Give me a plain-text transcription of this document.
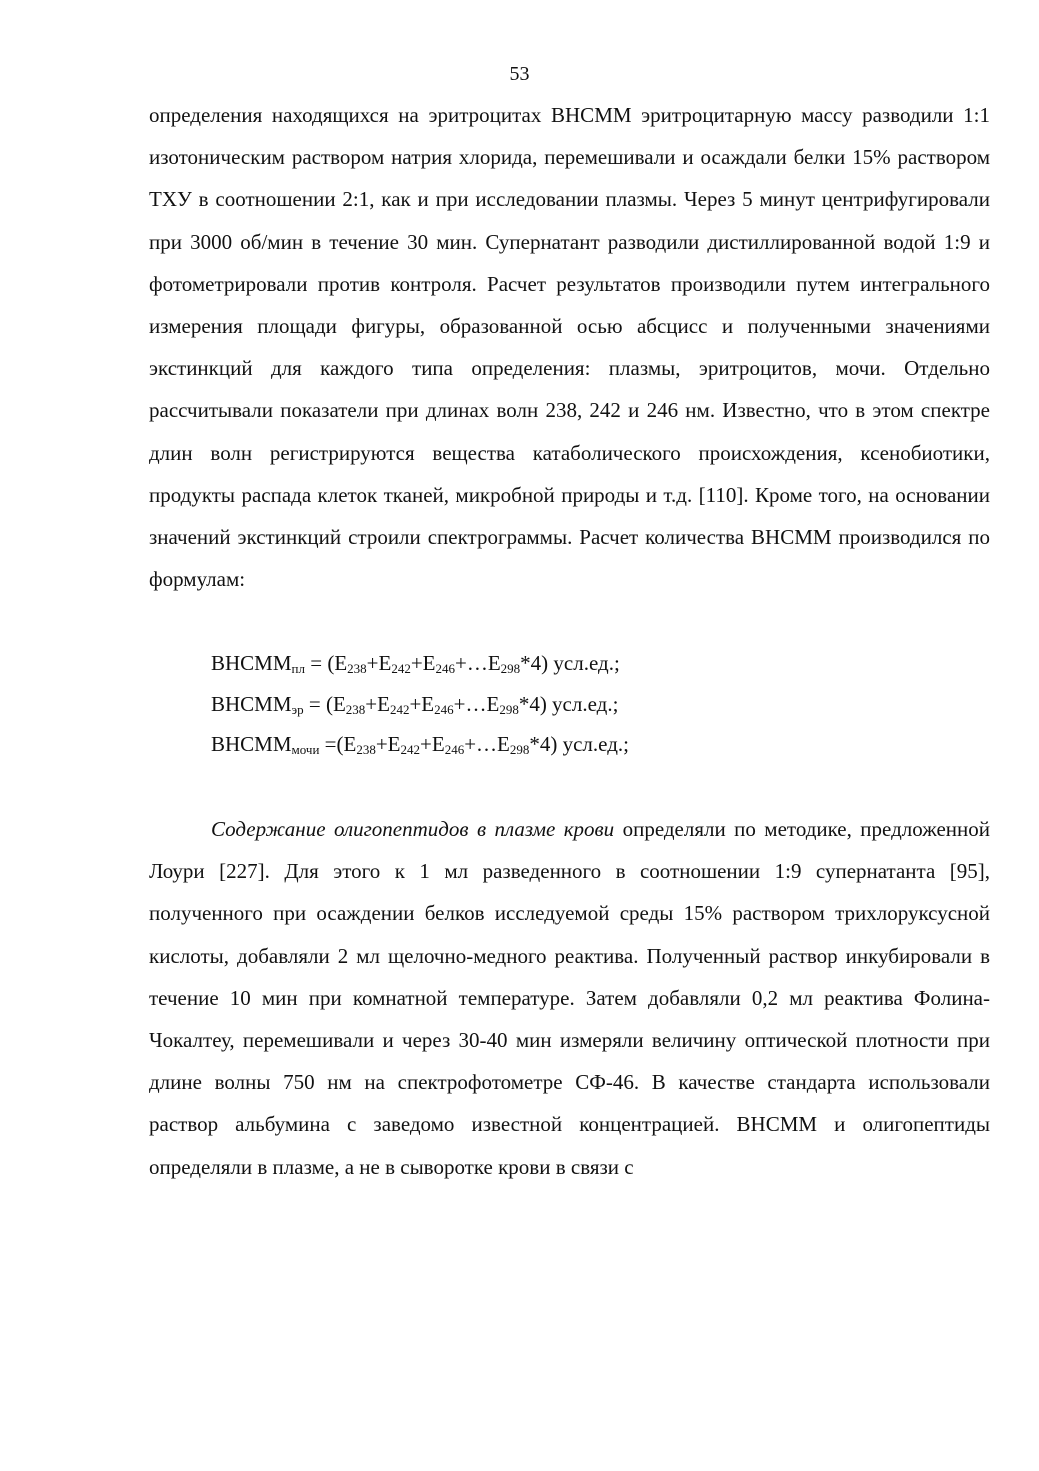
53

определения находящихся на эритроцитах ВНСММ эритроцитарную массу разводили 1:1 изотоническим раствором натрия хлорида, перемешивали и осаждали белки 15% раствором ТХУ в соотношении 2:1, как и при исследовании плазмы. Через 5 минут центрифугировали при 3000 об/мин в течение 30 мин. Супернатант разводили дистиллированной водой 1:9 и фотометрировали против контроля. Расчет результатов производили путем интегрального измерения площади фигуры, образованной осью абсцисс и полученными значениями экстинкций для каждого типа определения: плазмы, эритроцитов, мочи. Отдельно рассчитывали показатели при длинах волн 238, 242 и 246 нм. Известно, что в этом спектре длин волн регистрируются вещества катаболического происхождения, ксенобиотики, продукты распада клеток тканей, микробной природы и т.д. [110]. Кроме того, на основании значений экстинкций строили спектрограммы. Расчет количества ВНСММ производился по формулам:

$ВНСММ_{пл}$ = $(E_{238}+E_{242}+E_{246}+\dots E_{298}*4)$ усл.ед.;
$ВНСММ_{эр}$ = $(E_{238}+E_{242}+E_{246}+\dots E_{298}*4)$ усл.ед.;
$ВНСММ_{мочи}$ $=(E_{238}+E_{242}+E_{246}+\dots E_{298}*4)$ усл.ед.;

Содержание олигопептидов в плазме крови определяли по методике, предложенной Лоури [227]. Для этого к 1 мл разведенного в соотношении 1:9 супернатанта [95], полученного при осаждении белков исследуемой среды 15% раствором трихлоруксусной кислоты, добавляли 2 мл щелочно-медного реактива. Полученный раствор инкубировали в течение 10 мин при комнатной температуре. Затем добавляли 0,2 мл реактива Фолина-Чокалтеу, перемешивали и через 30-40 мин измеряли величину оптической плотности при длине волны 750 нм на спектрофотометре СФ-46. В качестве стандарта использовали раствор альбумина с заведомо известной концентрацией. ВНСММ и олигопептиды определяли в плазме, а не в сыворотке крови в связи с
